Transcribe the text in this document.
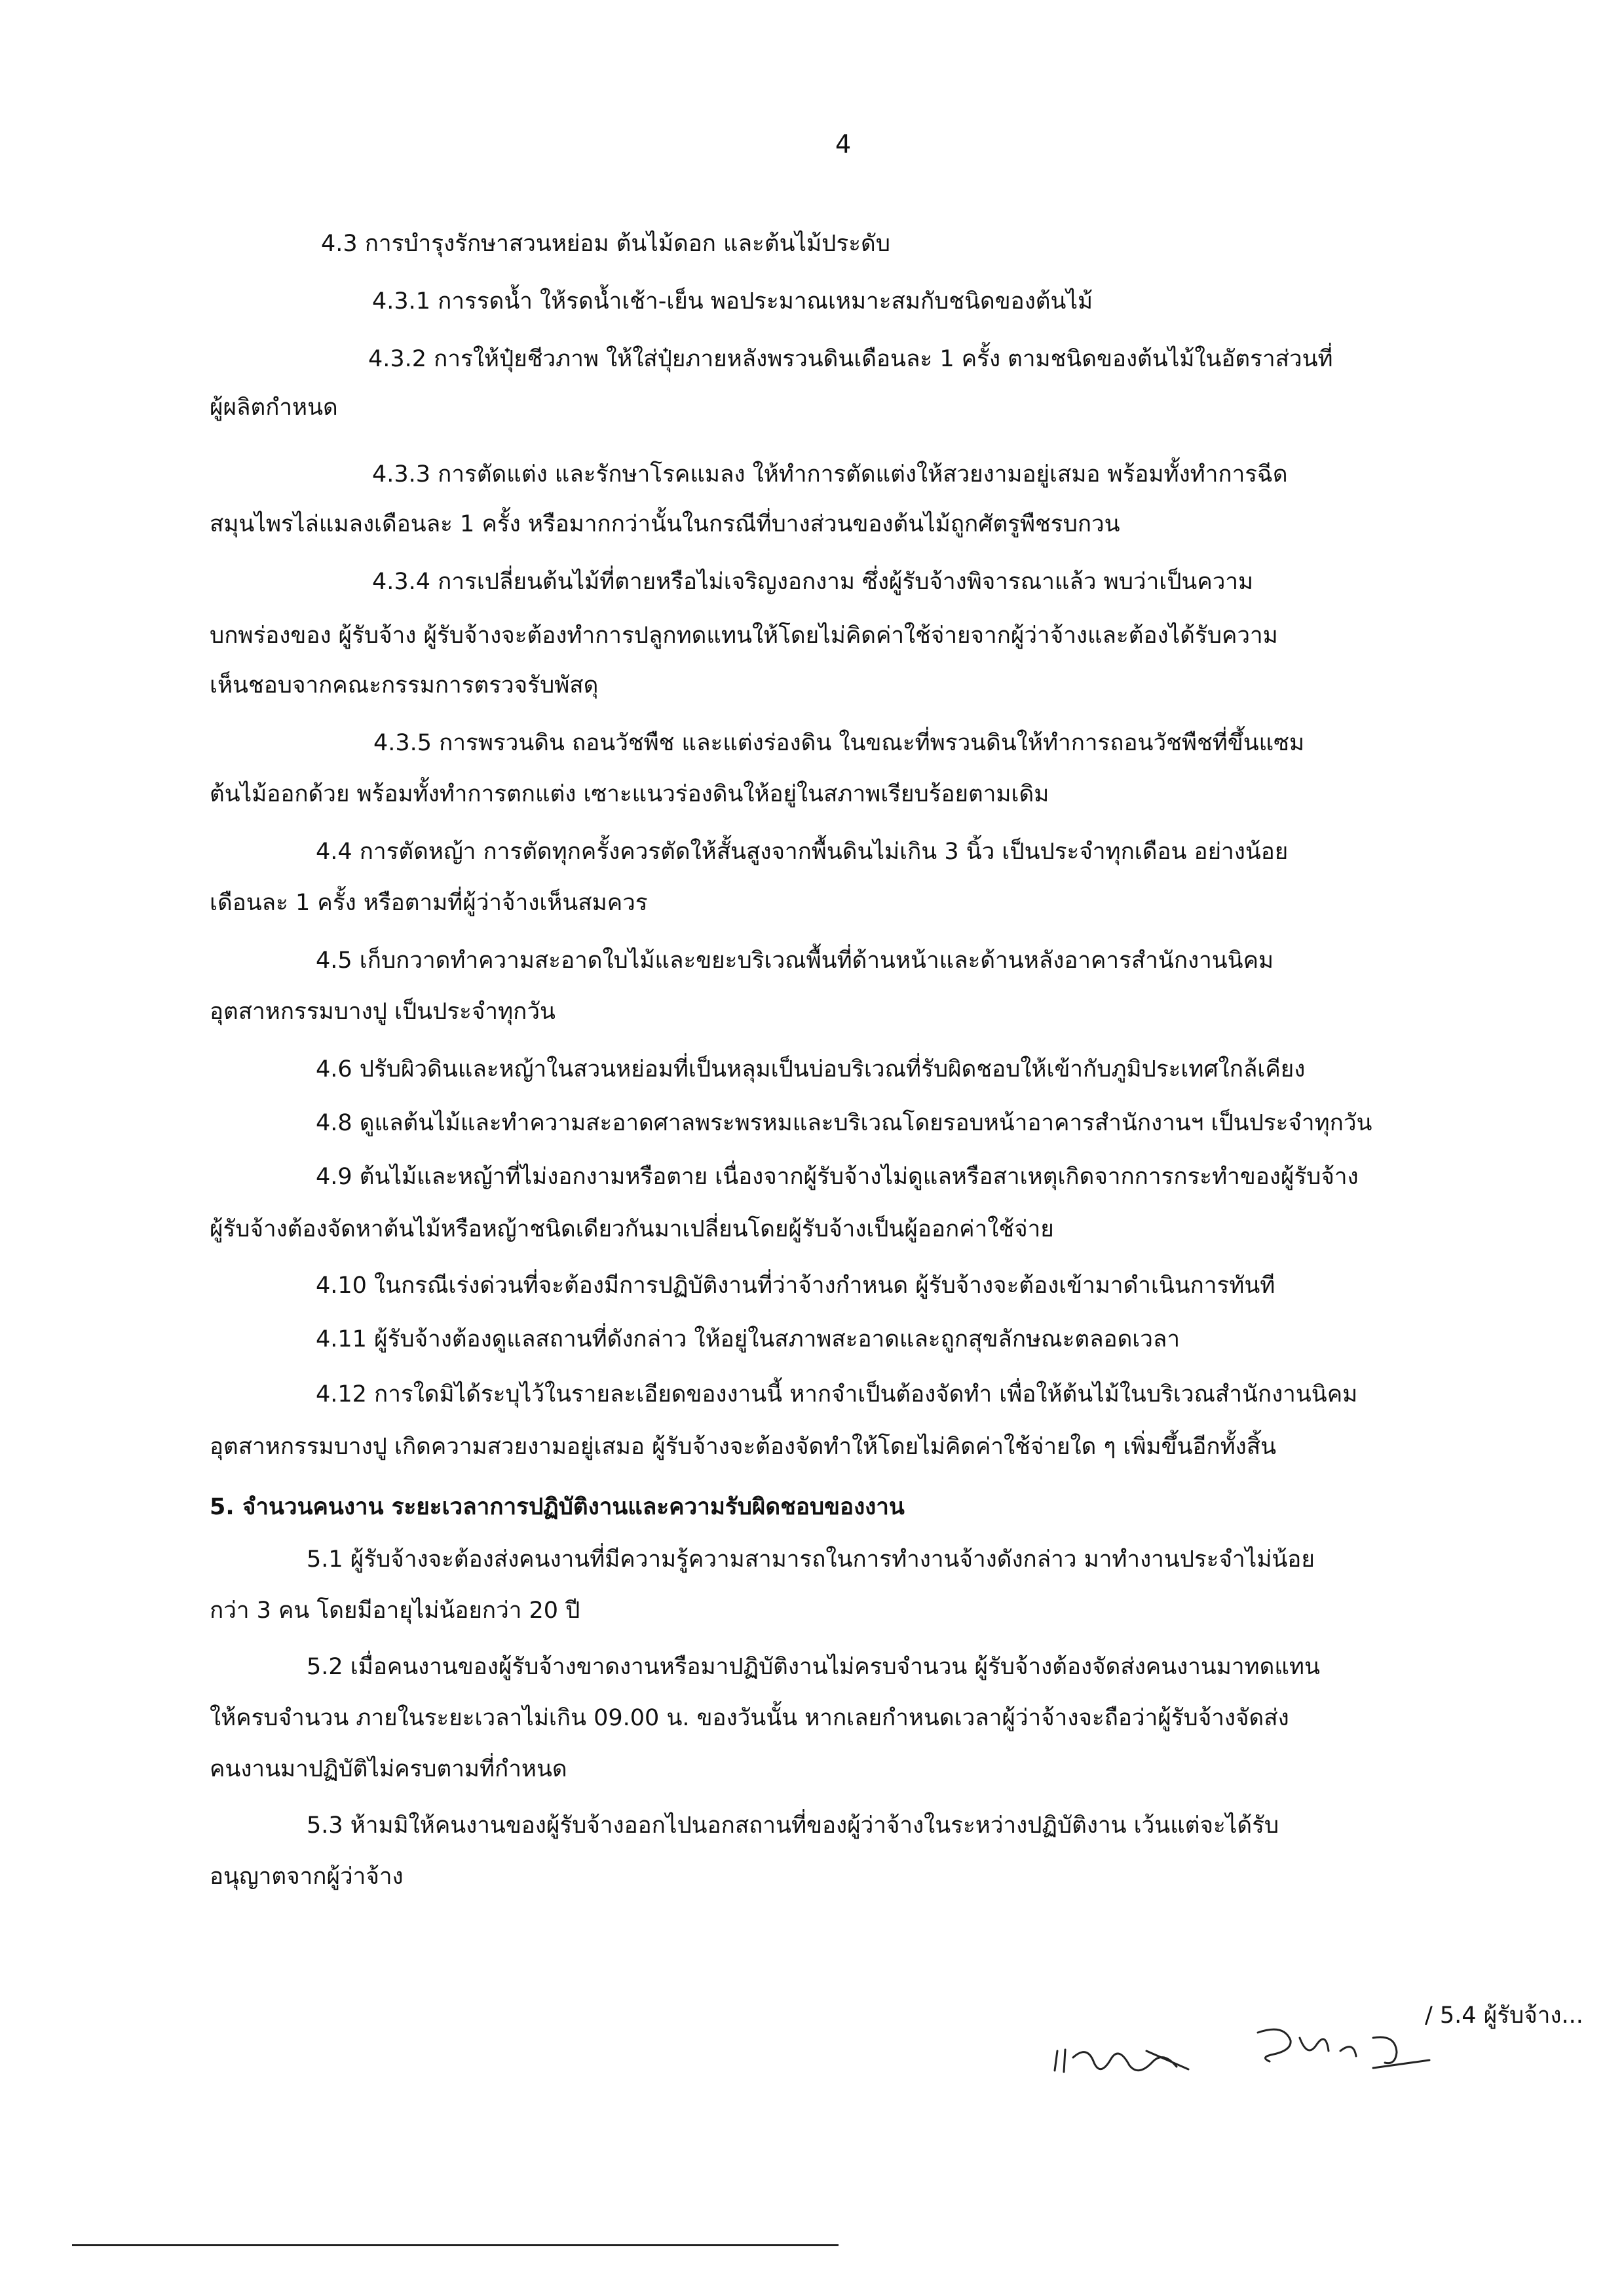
4
4.3 การบำรุงรักษาสวนหย่อม ต้นไม้ดอก และต้นไม้ประดับ
4.3.1 การรดน้ำ ให้รดน้ำเช้า-เย็น พอประมาณเหมาะสมกับชนิดของต้นไม้
4.3.2 การให้ปุ๋ยชีวภาพ ให้ใส่ปุ๋ยภายหลังพรวนดินเดือนละ 1 ครั้ง ตามชนิดของต้นไม้ในอัตราส่วนที่
ผู้ผลิตกำหนด
4.3.3 การตัดแต่ง และรักษาโรคแมลง ให้ทำการตัดแต่งให้สวยงามอยู่เสมอ พร้อมทั้งทำการฉีด
สมุนไพรไล่แมลงเดือนละ 1 ครั้ง หรือมากกว่านั้นในกรณีที่บางส่วนของต้นไม้ถูกศัตรูพืชรบกวน
4.3.4 การเปลี่ยนต้นไม้ที่ตายหรือไม่เจริญงอกงาม ซึ่งผู้รับจ้างพิจารณาแล้ว พบว่าเป็นความ
บกพร่องของ ผู้รับจ้าง ผู้รับจ้างจะต้องทำการปลูกทดแทนให้โดยไม่คิดค่าใช้จ่ายจากผู้ว่าจ้างและต้องได้รับความ
เห็นชอบจากคณะกรรมการตรวจรับพัสดุ
4.3.5 การพรวนดิน ถอนวัชพืช และแต่งร่องดิน ในขณะที่พรวนดินให้ทำการถอนวัชพืชที่ขึ้นแซม
ต้นไม้ออกด้วย พร้อมทั้งทำการตกแต่ง เซาะแนวร่องดินให้อยู่ในสภาพเรียบร้อยตามเดิม
4.4 การตัดหญ้า การตัดทุกครั้งควรตัดให้สั้นสูงจากพื้นดินไม่เกิน 3 นิ้ว เป็นประจำทุกเดือน อย่างน้อย
เดือนละ 1 ครั้ง หรือตามที่ผู้ว่าจ้างเห็นสมควร
4.5 เก็บกวาดทำความสะอาดใบไม้และขยะบริเวณพื้นที่ด้านหน้าและด้านหลังอาคารสำนักงานนิคม
อุตสาหกรรมบางปู เป็นประจำทุกวัน
4.6 ปรับผิวดินและหญ้าในสวนหย่อมที่เป็นหลุมเป็นบ่อบริเวณที่รับผิดชอบให้เข้ากับภูมิประเทศใกล้เคียง
4.8 ดูแลต้นไม้และทำความสะอาดศาลพระพรหมและบริเวณโดยรอบหน้าอาคารสำนักงานฯ เป็นประจำทุกวัน
4.9 ต้นไม้และหญ้าที่ไม่งอกงามหรือตาย เนื่องจากผู้รับจ้างไม่ดูแลหรือสาเหตุเกิดจากการกระทำของผู้รับจ้าง
ผู้รับจ้างต้องจัดหาต้นไม้หรือหญ้าชนิดเดียวกันมาเปลี่ยนโดยผู้รับจ้างเป็นผู้ออกค่าใช้จ่าย
4.10 ในกรณีเร่งด่วนที่จะต้องมีการปฏิบัติงานที่ว่าจ้างกำหนด ผู้รับจ้างจะต้องเข้ามาดำเนินการทันที
4.11 ผู้รับจ้างต้องดูแลสถานที่ดังกล่าว ให้อยู่ในสภาพสะอาดและถูกสุขลักษณะตลอดเวลา
4.12 การใดมิได้ระบุไว้ในรายละเอียดของงานนี้ หากจำเป็นต้องจัดทำ เพื่อให้ต้นไม้ในบริเวณสำนักงานนิคม
อุตสาหกรรมบางปู เกิดความสวยงามอยู่เสมอ ผู้รับจ้างจะต้องจัดทำให้โดยไม่คิดค่าใช้จ่ายใด ๆ เพิ่มขึ้นอีกทั้งสิ้น
5. จำนวนคนงาน ระยะเวลาการปฏิบัติงานและความรับผิดชอบของงาน
5.1 ผู้รับจ้างจะต้องส่งคนงานที่มีความรู้ความสามารถในการทำงานจ้างดังกล่าว มาทำงานประจำไม่น้อย
กว่า 3 คน โดยมีอายุไม่น้อยกว่า 20 ปี
5.2 เมื่อคนงานของผู้รับจ้างขาดงานหรือมาปฏิบัติงานไม่ครบจำนวน ผู้รับจ้างต้องจัดส่งคนงานมาทดแทน
ให้ครบจำนวน ภายในระยะเวลาไม่เกิน 09.00 น. ของวันนั้น หากเลยกำหนดเวลาผู้ว่าจ้างจะถือว่าผู้รับจ้างจัดส่ง
คนงานมาปฏิบัติไม่ครบตามที่กำหนด
5.3 ห้ามมิให้คนงานของผู้รับจ้างออกไปนอกสถานที่ของผู้ว่าจ้างในระหว่างปฏิบัติงาน เว้นแต่จะได้รับ
อนุญาตจากผู้ว่าจ้าง
/ 5.4 ผู้รับจ้าง...
